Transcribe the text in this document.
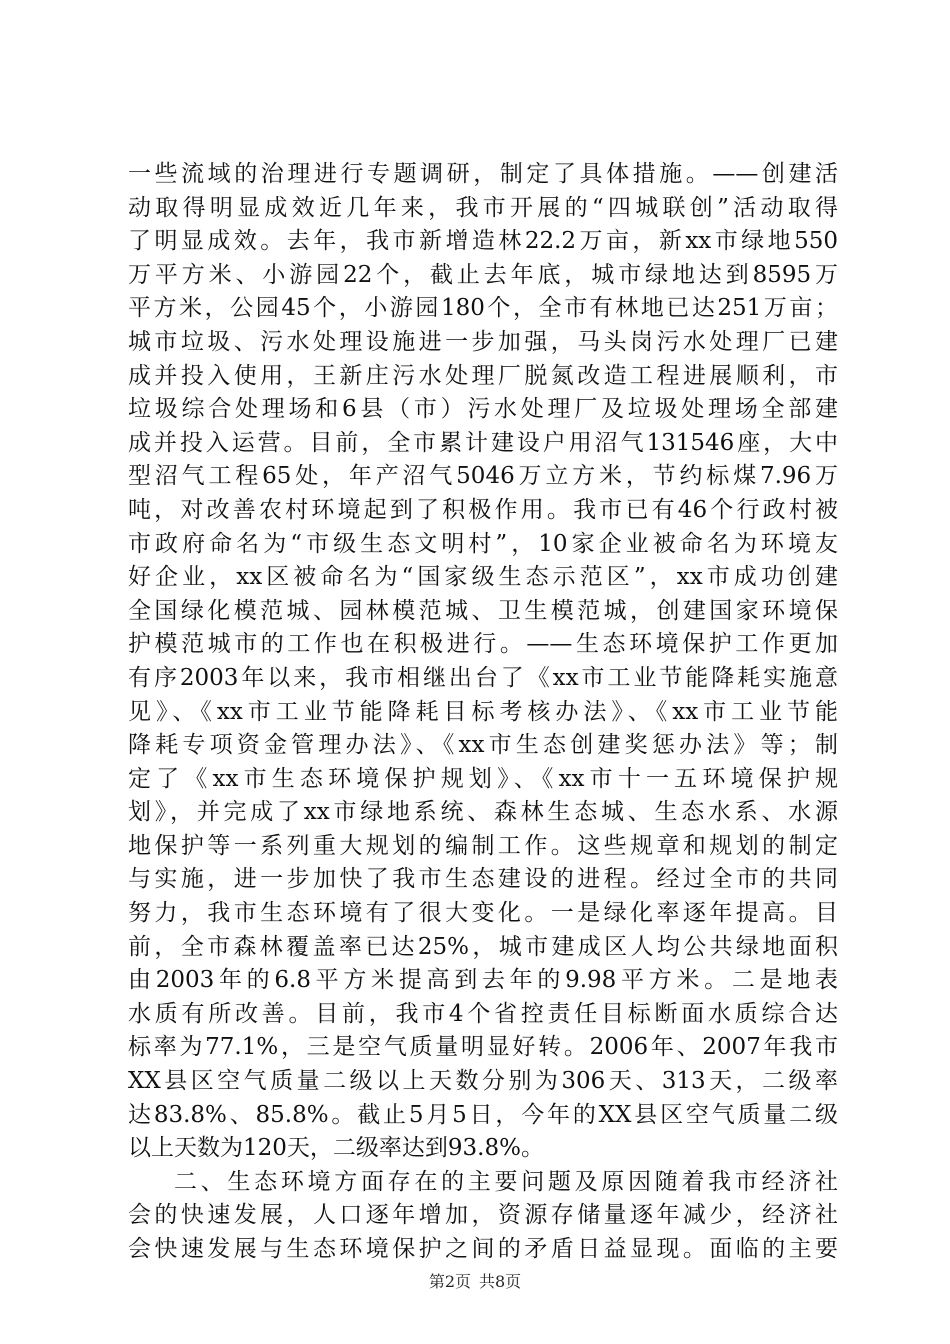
一些流域的治理进行专题调研，制定了具体措施。——创建活
动取得明显成效近几年来，我市开展的“四城联创”活动取得
了明显成效。去年，我市新增造林22.2万亩，新xx市绿地550
万平方米、小游园22个，截止去年底，城市绿地达到8595万
平方米，公园45个，小游园180个，全市有林地已达251万亩；
城市垃圾、污水处理设施进一步加强，马头岗污水处理厂已建
成并投入使用，王新庄污水处理厂脱氮改造工程进展顺利，市
垃圾综合处理场和6县（市）污水处理厂及垃圾处理场全部建
成并投入运营。目前，全市累计建设户用沼气131546座，大中
型沼气工程65处，年产沼气5046万立方米，节约标煤7.96万
吨，对改善农村环境起到了积极作用。我市已有46个行政村被
市政府命名为“市级生态文明村”，10家企业被命名为环境友
好企业，xx区被命名为“国家级生态示范区”，xx市成功创建
全国绿化模范城、园林模范城、卫生模范城，创建国家环境保
护模范城市的工作也在积极进行。——生态环境保护工作更加
有序2003年以来，我市相继出台了《xx市工业节能降耗实施意
见》、《xx市工业节能降耗目标考核办法》、《xx市工业节能
降耗专项资金管理办法》、《xx市生态创建奖惩办法》等；制
定了《xx市生态环境保护规划》、《xx市十一五环境保护规
划》，并完成了xx市绿地系统、森林生态城、生态水系、水源
地保护等一系列重大规划的编制工作。这些规章和规划的制定
与实施，进一步加快了我市生态建设的进程。经过全市的共同
努力，我市生态环境有了很大变化。一是绿化率逐年提高。目
前，全市森林覆盖率已达25%，城市建成区人均公共绿地面积
由2003年的6.8平方米提高到去年的9.98平方米。二是地表
水质有所改善。目前，我市4个省控责任目标断面水质综合达
标率为77.1%，三是空气质量明显好转。2006年、2007年我市
XX县区空气质量二级以上天数分别为306天、313天，二级率
达83.8%、85.8%。截止5月5日，今年的XX县区空气质量二级
以上天数为120天，二级率达到93.8%。
二、生态环境方面存在的主要问题及原因随着我市经济社
会的快速发展，人口逐年增加，资源存储量逐年减少，经济社
会快速发展与生态环境保护之间的矛盾日益显现。面临的主要
第2页 共8页
